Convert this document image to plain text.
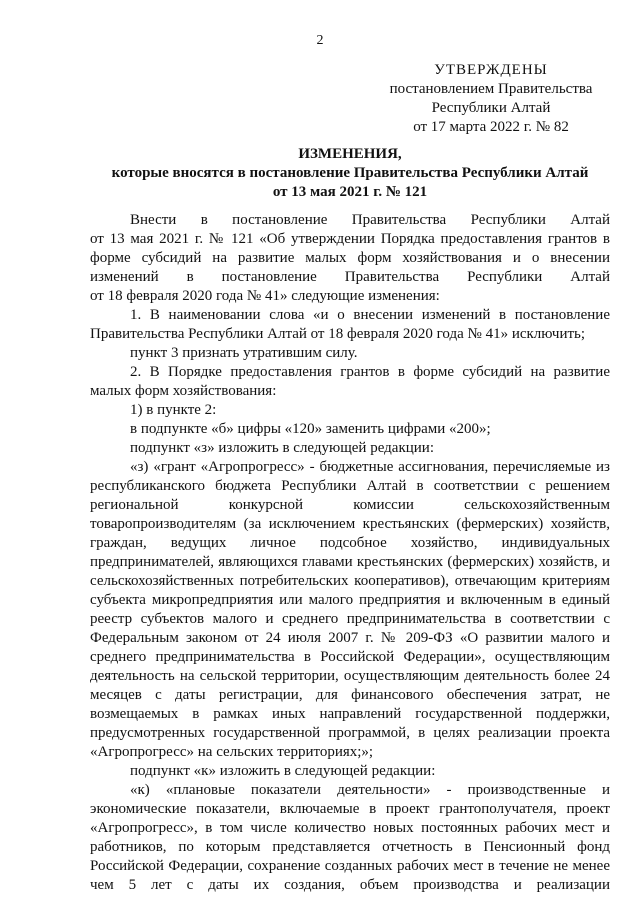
2
УТВЕРЖДЕНЫ
постановлением Правительства
Республики Алтай
от 17 марта 2022 г. № 82
ИЗМЕНЕНИЯ,
которые вносятся в постановление Правительства Республики Алтай
от 13 мая 2021 г. № 121

Внести в постановление Правительства Республики Алтай

от 13 мая 2021 г. № 121 «Об утверждении Порядка предоставления грантов в форме субсидий на развитие малых форм хозяйствования и о внесении изменений в постановление Правительства Республики Алтай

от 18 февраля 2020 года № 41» следующие изменения:

1. В наименовании слова «и о внесении изменений в постановление Правительства Республики Алтай от 18 февраля 2020 года № 41» исключить;

пункт 3 признать утратившим силу.

2. В Порядке предоставления грантов в форме субсидий на развитие малых форм хозяйствования:

1) в пункте 2:

в подпункте «б» цифры «120» заменить цифрами «200»;

подпункт «з» изложить в следующей редакции:

«з) «грант «Агропрогресс» - бюджетные ассигнования, перечисляемые из республиканского бюджета Республики Алтай в соответствии с решением региональной конкурсной комиссии сельскохозяйственным товаропроизводителям (за исключением крестьянских (фермерских) хозяйств, граждан, ведущих личное подсобное хозяйство, индивидуальных предпринимателей, являющихся главами крестьянских (фермерских) хозяйств, и сельскохозяйственных потребительских кооперативов), отвечающим критериям субъекта микропредприятия или малого предприятия и включенным в единый реестр субъектов малого и среднего предпринимательства в соответствии с Федеральным законом от 24 июля 2007 г. № 209-ФЗ «О развитии малого и среднего предпринимательства в Российской Федерации», осуществляющим деятельность на сельской территории, осуществляющим деятельность более 24 месяцев с даты регистрации, для финансового обеспечения затрат, не возмещаемых в рамках иных направлений государственной поддержки, предусмотренных государственной программой, в целях реализации проекта «Агропрогресс» на сельских территориях;»;

подпункт «к» изложить в следующей редакции:

«к) «плановые показатели деятельности» - производственные и экономические показатели, включаемые в проект грантополучателя, проект «Агропрогресс», в том числе количество новых постоянных рабочих мест и работников, по которым представляется отчетность в Пенсионный фонд Российской Федерации, сохранение созданных рабочих мест в течение не менее чем 5 лет с даты их создания, объем производства и реализации
